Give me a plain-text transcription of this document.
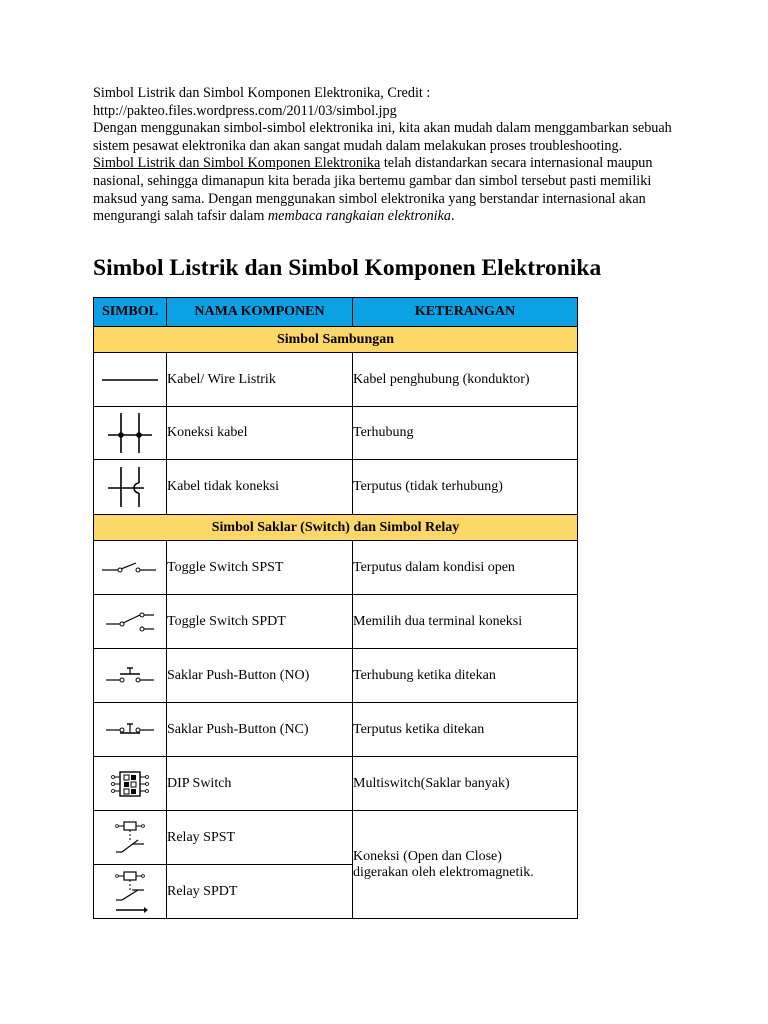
Simbol Listrik dan Simbol Komponen Elektronika, Credit :

http://pakteo.files.wordpress.com/2011/03/simbol.jpg

Dengan menggunakan simbol-simbol elektronika ini, kita akan mudah dalam menggambarkan sebuah sistem pesawat elektronika dan akan sangat mudah dalam melakukan proses troubleshooting.

Simbol Listrik dan Simbol Komponen Elektronika telah distandarkan secara internasional maupun nasional, sehingga dimanapun kita berada jika bertemu gambar dan simbol tersebut pasti memiliki maksud yang sama. Dengan menggunakan simbol elektronika yang berstandar internasional akan mengurangi salah tafsir dalam membaca rangkaian elektronika.

Simbol Listrik dan Simbol Komponen Elektronika
SIMBOL	NAMA KOMPONEN	KETERANGAN
Simbol Sambungan		

	Kabel/ Wire Listrik	Kabel penghubung (konduktor)

	Koneksi kabel	Terhubung

	Kabel tidak koneksi	Terputus (tidak terhubung)
Simbol Saklar (Switch) dan Simbol Relay		

	Toggle Switch SPST	Terputus dalam kondisi open

	Toggle Switch SPDT	Memilih dua terminal koneksi

	Saklar Push-Button (NO)	Terhubung ketika ditekan

	Saklar Push-Button (NC)	Terputus ketika ditekan

	DIP Switch	Multiswitch(Saklar banyak)

	Relay SPST	Koneksi (Open dan Close)
digerakan oleh elektromagnetik.

	Relay SPDT	
